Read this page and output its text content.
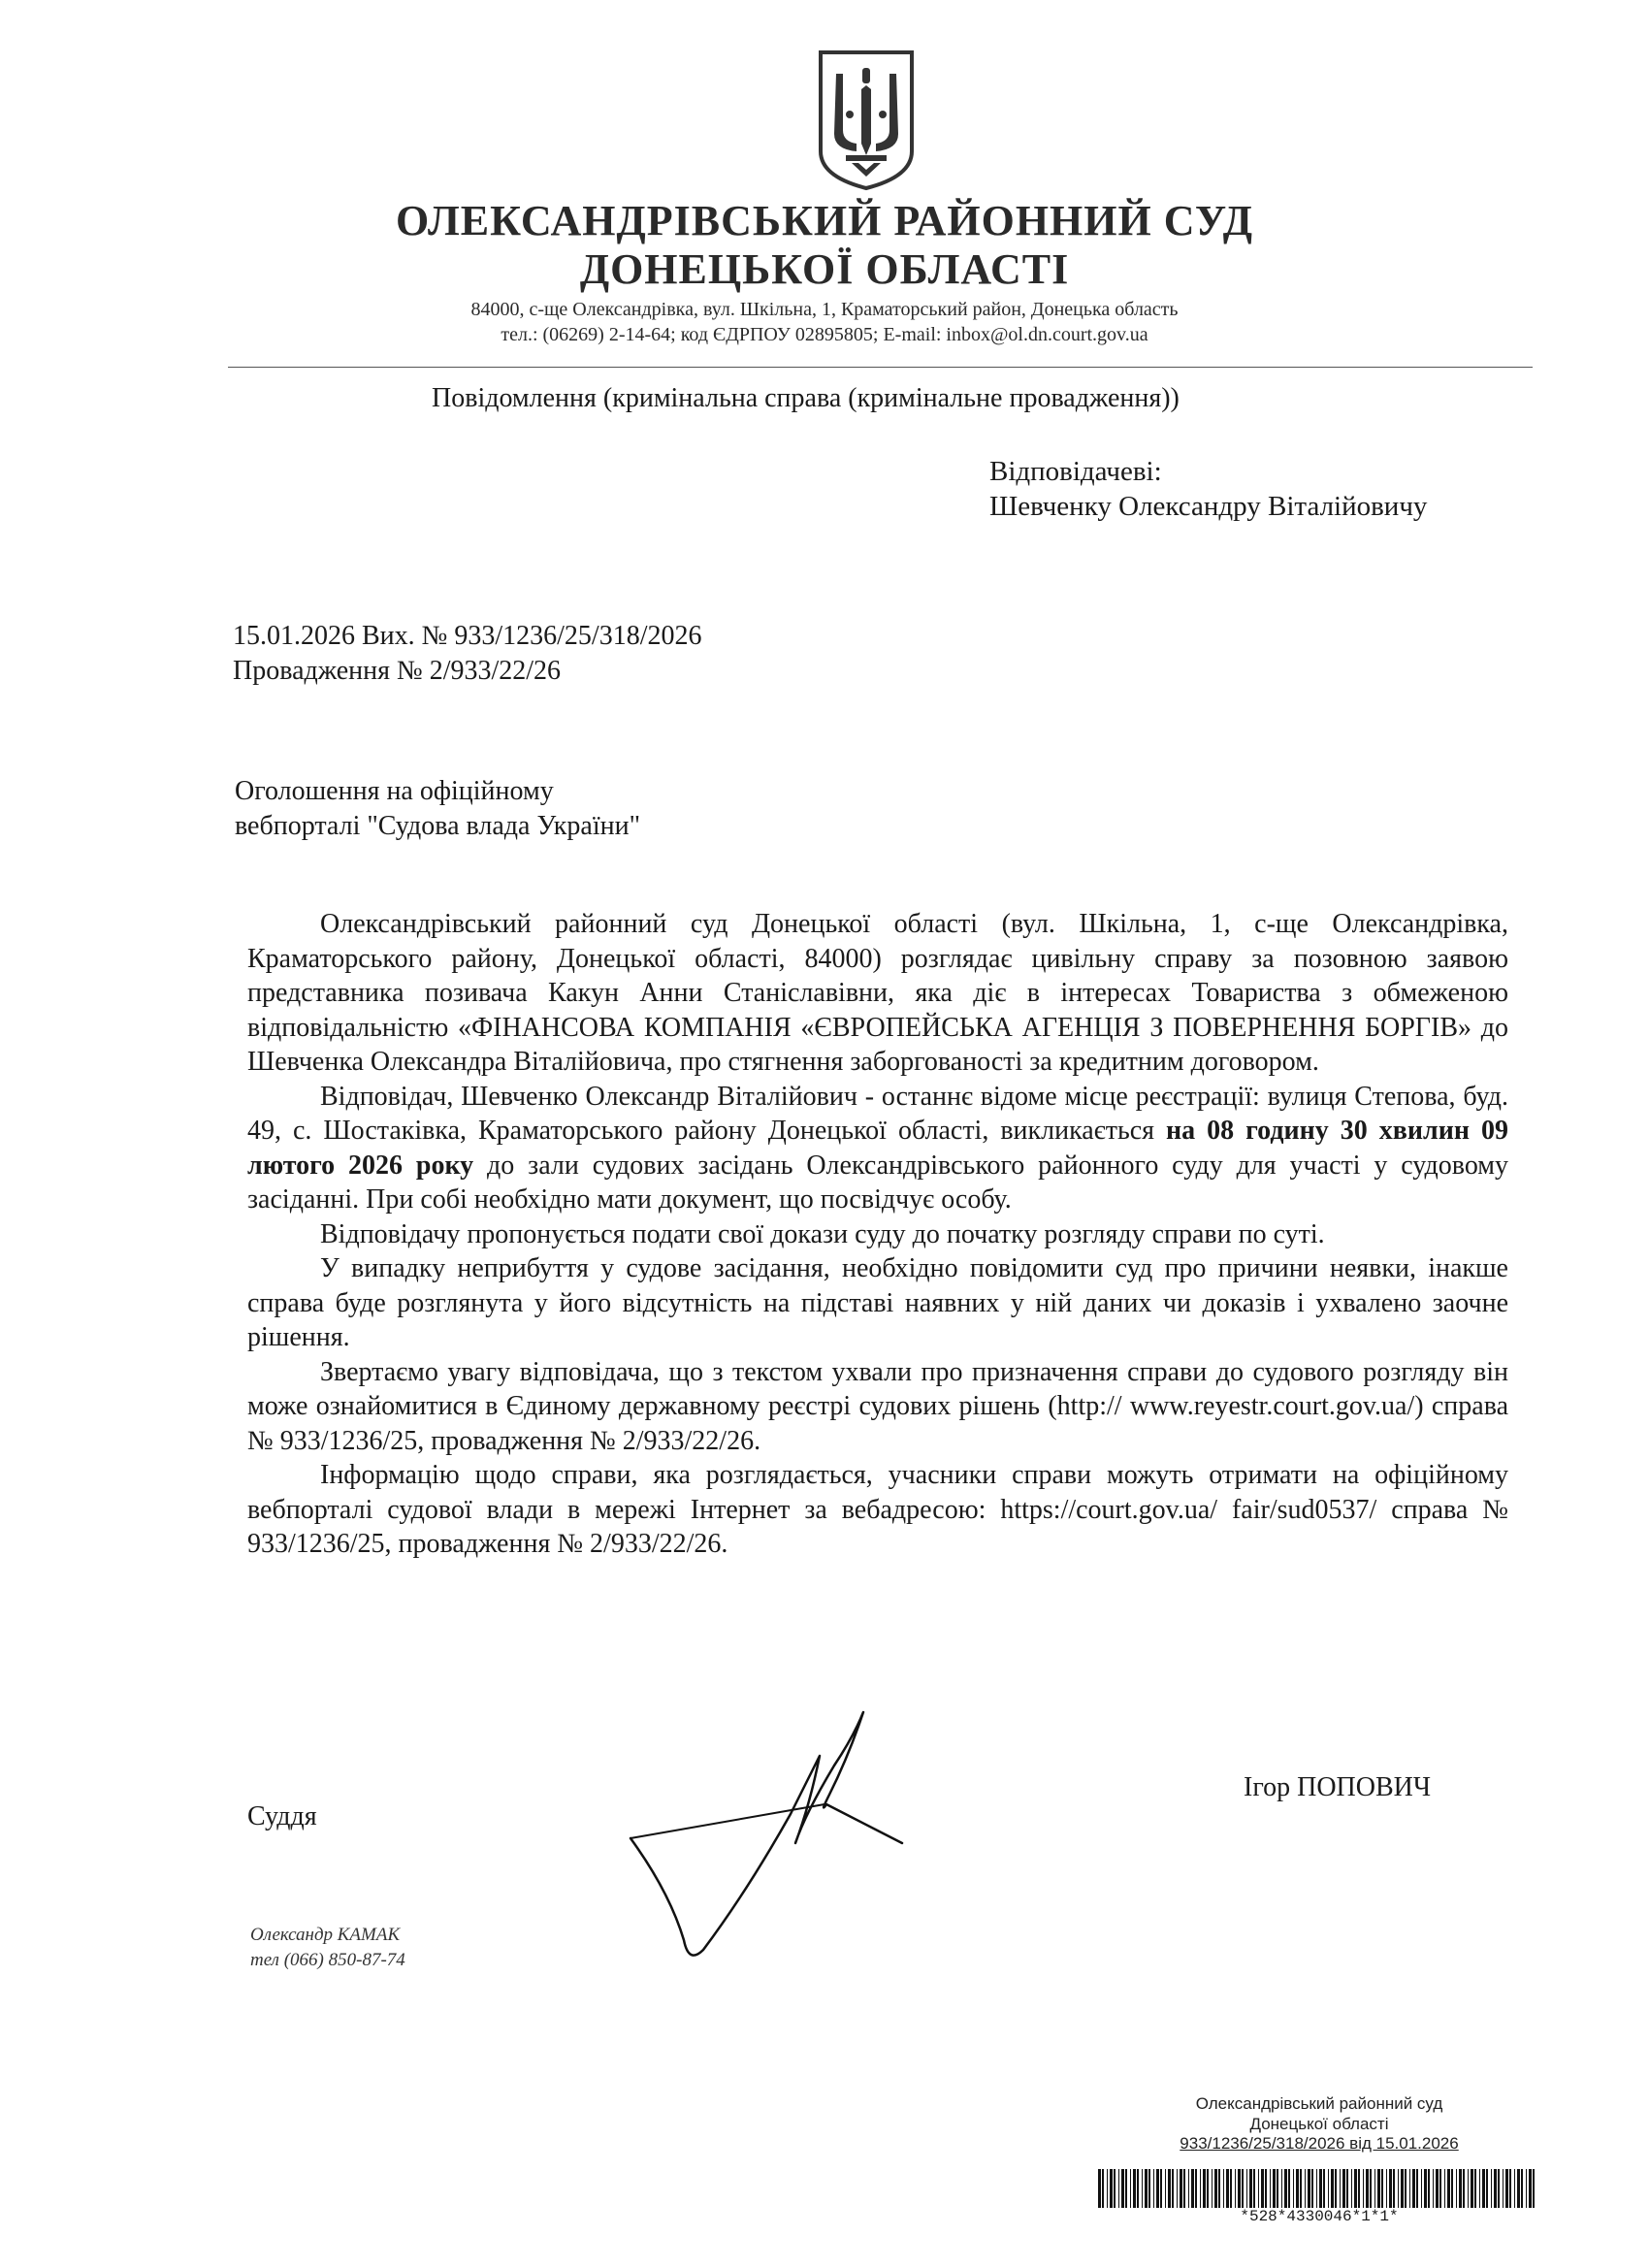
ОЛЕКСАНДРІВСЬКИЙ РАЙОННИЙ СУД
ДОНЕЦЬКОЇ ОБЛАСТІ
84000, с-ще Олександрівка, вул. Шкільна, 1, Краматорський район, Донецька область
тел.: (06269) 2-14-64; код ЄДРПОУ 02895805; E-mail: inbox@ol.dn.court.gov.ua
Повідомлення (кримінальна справа (кримінальне провадження))
Відповідачеві:
Шевченку Олександру Віталійовичу
15.01.2026 Вих. № 933/1236/25/318/2026
Провадження № 2/933/22/26
Оголошення на офіційному
вебпорталі "Судова влада України"

Олександрівський районний суд Донецької області (вул. Шкільна, 1, с-ще Олександрівка, Краматорського району, Донецької області, 84000) розглядає цивільну справу за позовною заявою представника позивача Какун Анни Станіславівни, яка діє в інтересах Товариства з обмеженою відповідальністю «ФІНАНСОВА КОМПАНІЯ «ЄВРОПЕЙСЬКА АГЕНЦІЯ З ПОВЕРНЕННЯ БОРГІВ» до Шевченка Олександра Віталійовича, про стягнення заборгованості за кредитним договором.

Відповідач, Шевченко Олександр Віталійович - останнє відоме місце реєстрації: вулиця Степова, буд. 49, с. Шостаківка, Краматорського району Донецької області, викликається на 08 годину 30 хвилин 09 лютого 2026 року до зали судових засідань Олександрівського районного суду для участі у судовому засіданні. При собі необхідно мати документ, що посвідчує особу.

Відповідачу пропонується подати свої докази суду до початку розгляду справи по суті.

У випадку неприбуття у судове засідання, необхідно повідомити суд про причини неявки, інакше справа буде розглянута у його відсутність на підставі наявних у ній даних чи доказів і ухвалено заочне рішення.

Звертаємо увагу відповідача, що з текстом ухвали про призначення справи до судового розгляду він може ознайомитися в Єдиному державному реєстрі судових рішень (http:// www.reyestr.court.gov.ua/) справа № 933/1236/25, провадження № 2/933/22/26.

Інформацію щодо справи, яка розглядається, учасники справи можуть отримати на офіційному вебпорталі судової влади в мережі Інтернет за вебадресою: https://court.gov.ua/ fair/sud0537/ справа № 933/1236/25, провадження № 2/933/22/26.

Суддя
Ігор ПОПОВИЧ
Олександр КАМАК
тел (066) 850-87-74
Олександрівський районний суд
Донецької області
933/1236/25/318/2026 від 15.01.2026
*528*4330046*1*1*
